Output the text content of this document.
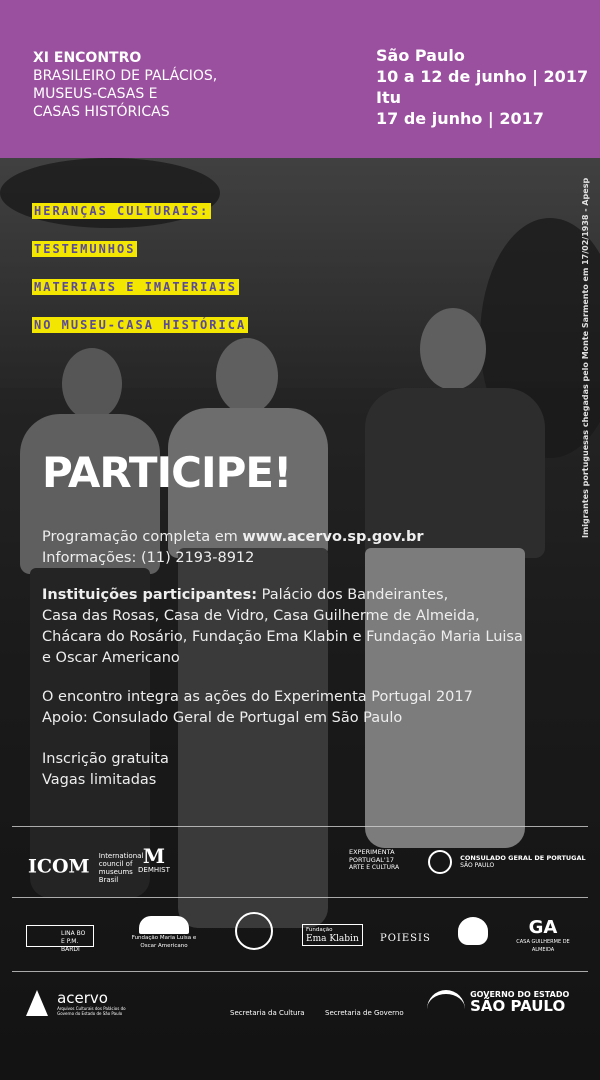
XI ENCONTRO
BRASILEIRO DE PALÁCIOS,
MUSEUS-CASAS E
CASAS HISTÓRICAS
São Paulo
10 a 12 de junho | 2017
Itu
17 de junho | 2017
HERANÇAS CULTURAIS:
TESTEMUNHOS
MATERIAIS E IMATERIAIS
NO MUSEU-CASA HISTÓRICA	Imigrantes portuguesas chegadas pelo Monte Sarmento em 17/02/1938 - Apesp
PARTICIPE!
Programação completa em www.acervo.sp.gov.br
Informações: (11) 2193-8912
Instituições participantes: Palácio dos Bandeirantes,
Casa das Rosas, Casa de Vidro, Casa Guilherme de Almeida,
Chácara do Rosário, Fundação Ema Klabin e Fundação Maria Luisa
e Oscar Americano
O encontro integra as ações do Experimenta Portugal 2017
Apoio: Consulado Geral de Portugal em São Paulo
Inscrição gratuita
Vagas limitadas
ICOM International council of museums Brasil
M
DEMHIST
EXPERIMENTA PORTUGAL'17
ARTE E CULTURA

CONSULADO GERAL DE PORTUGAL
SÃO PAULO
LINA BO E P.M. BARDI
Fundação Maria Luisa e Oscar Americano
Fundação
Ema Klabin POIESIS
GA
CASA GUILHERME DE ALMEIDA

acervo
Arquivos Culturais dos Palácios do Governo do Estado de São Paulo	Secretaria da Cultura	Secretaria de Governo

GOVERNO DO ESTADO
SÃO PAULO
